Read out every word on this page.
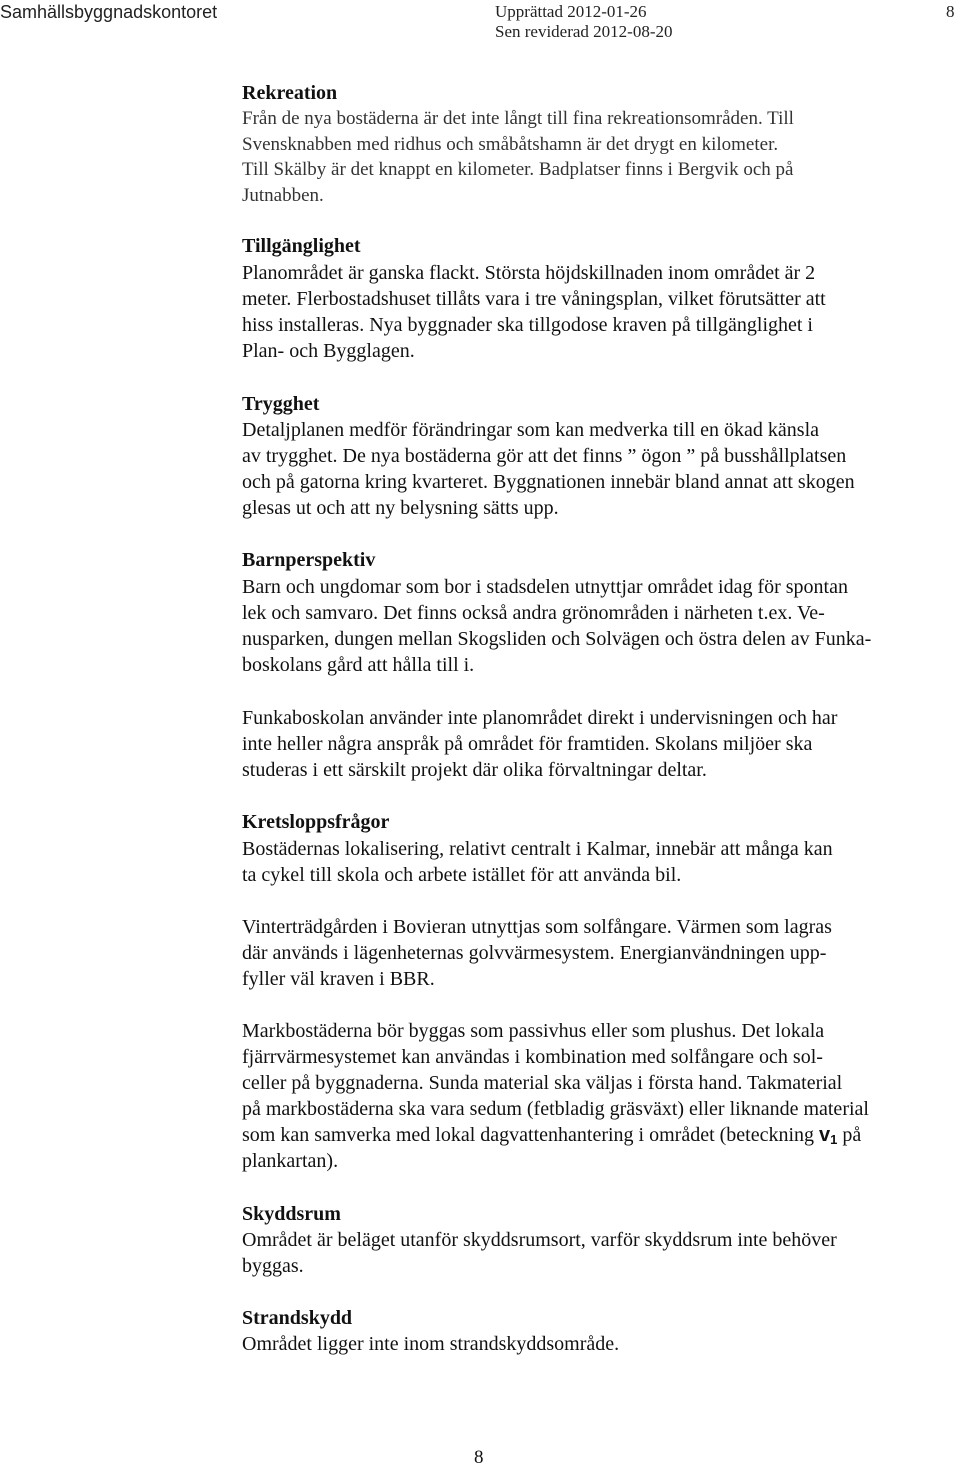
Samhällsbyggnadskontoret	Upprättad 2012-01-26
Sen reviderad 2012-08-20
8
Rekreation
Från de nya bostäderna är det inte långt till fina rekreationsområden. Till
Svensknabben med ridhus och småbåtshamn är det drygt en kilometer.
Till Skälby är det knappt en kilometer. Badplatser finns i Bergvik och på
Jutnabben.
Tillgänglighet
Planområdet är ganska flackt. Största höjdskillnaden inom området är 2
meter. Flerbostadshuset tillåts vara i tre våningsplan, vilket förutsätter att
hiss installeras. Nya byggnader ska tillgodose kraven på tillgänglighet i
Plan- och Bygglagen.
Trygghet
Detaljplanen medför förändringar som kan medverka till en ökad känsla
av trygghet. De nya bostäderna gör att det finns ” ögon ” på busshållplatsen
och på gatorna kring kvarteret. Byggnationen innebär bland annat att skogen
glesas ut och att ny belysning sätts upp.
Barnperspektiv
Barn och ungdomar som bor i stadsdelen utnyttjar området idag för spontan
lek och samvaro. Det finns också andra grönområden i närheten t.ex. Ve-
nusparken, dungen mellan Skogsliden och Solvägen och östra delen av Funka-
boskolans gård att hålla till i.
Funkaboskolan använder inte planområdet direkt i undervisningen och har
inte heller några anspråk på området för framtiden. Skolans miljöer ska
studeras i ett särskilt projekt där olika förvaltningar deltar.
Kretsloppsfrågor
Bostädernas lokalisering, relativt centralt i Kalmar, innebär att många kan
ta cykel till skola och arbete istället för att använda bil.
Vinterträdgården i Bovieran utnyttjas som solfångare. Värmen som lagras
där används i lägenheternas golvvärmesystem. Energianvändningen upp-
fyller väl kraven i BBR.
Markbostäderna bör byggas som passivhus eller som plushus. Det lokala
fjärrvärmesystemet kan användas i kombination med solfångare och sol-
celler på byggnaderna. Sunda material ska väljas i första hand. Takmaterial
på markbostäderna ska vara sedum (fetbladig gräsväxt) eller liknande material
som kan samverka med lokal dagvattenhantering i området (beteckning $v_1$ på
plankartan).
Skyddsrum
Området är beläget utanför skyddsrumsort, varför skyddsrum inte behöver
byggas.
Strandskydd
Området ligger inte inom strandskyddsområde.
8
